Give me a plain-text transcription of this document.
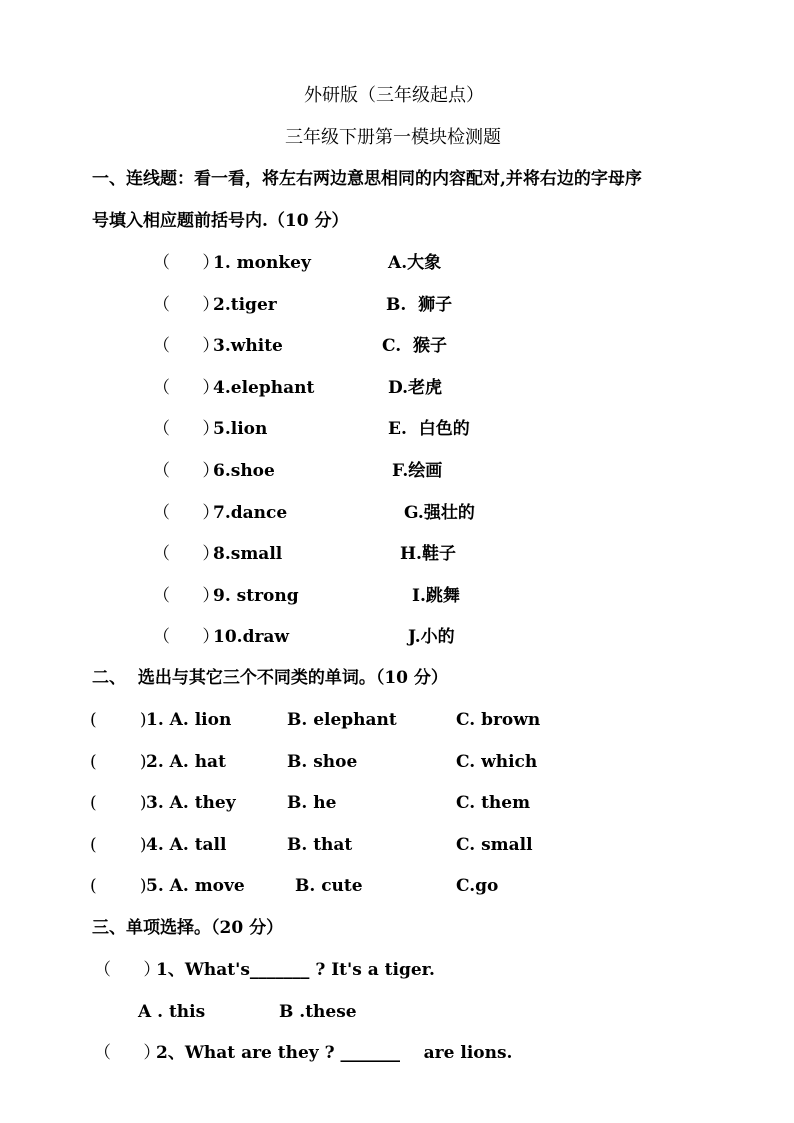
外研版（三年级起点）
三年级下册第一模块检测题
一、连线题：看一看，将左右两边意思相同的内容配对,并将右边的字母序
号填入相应题前括号内.（10 分）
（      ）
1. monkey	A.大象
（      ）
2.tiger	B.  狮子
（      ）
3.white	C.  猴子
（      ）
4.elephant	D.老虎
（      ）
5.lion	E.  白色的
（      ）
6.shoe	F.绘画
（      ）
7.dance	G.强壮的
（      ）
8.small	H.鞋子
（      ）
9. strong	I.跳舞
（      ）
10.draw	J.小的
二、  选出与其它三个不同类的单词。（10 分）
(        ) 1. A. lion	B. elephant	C. brown
(        ) 2. A. hat	B. shoe	C. which
(        ) 3. A. they	B. he	C. them
(        ) 4. A. tall	B. that	C. small
(        ) 5. A. move	B. cute	C.go
三、单项选择。（20 分）
（      ）
1、What's_______ ? It's a tiger.
A . this	B .these
（      ）
2、What are they ? _______    are lions.
